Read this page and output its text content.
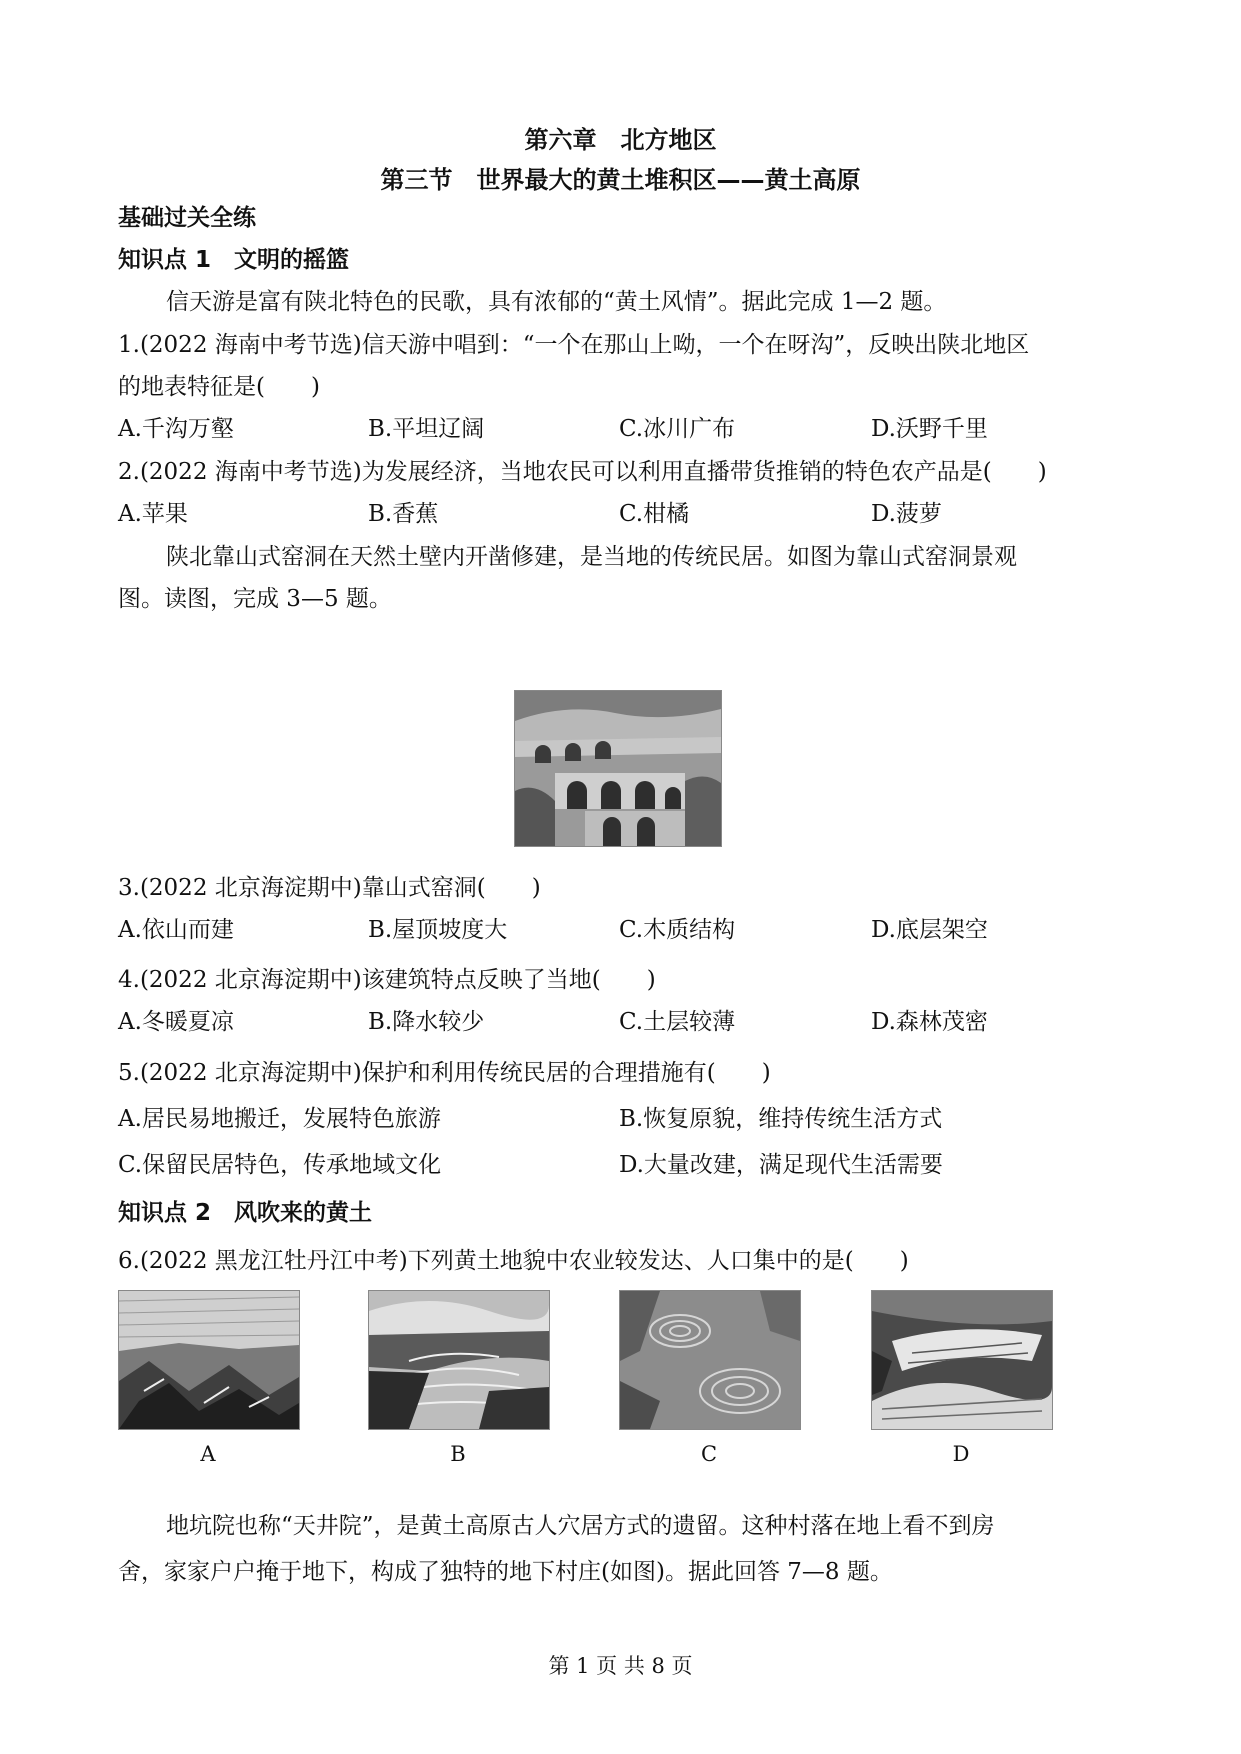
第六章　北方地区
第三节　世界最大的黄土堆积区——黄土高原
基础过关全练
知识点 1　文明的摇篮
信天游是富有陕北特色的民歌，具有浓郁的“黄土风情”。据此完成 1—2 题。
1.(2022 海南中考节选)信天游中唱到：“一个在那山上呦，一个在呀沟”，反映出陕北地区
的地表特征是(　　)
A.千沟万壑	B.平坦辽阔	C.冰川广布	D.沃野千里
2.(2022 海南中考节选)为发展经济，当地农民可以利用直播带货推销的特色农产品是(　　)
A.苹果	B.香蕉	C.柑橘	D.菠萝
陕北靠山式窑洞在天然土壁内开凿修建，是当地的传统民居。如图为靠山式窑洞景观
图。读图，完成 3—5 题。
3.(2022 北京海淀期中)靠山式窑洞(　　)
A.依山而建	B.屋顶坡度大	C.木质结构	D.底层架空
4.(2022 北京海淀期中)该建筑特点反映了当地(　　)
A.冬暖夏凉	B.降水较少	C.土层较薄	D.森林茂密
5.(2022 北京海淀期中)保护和利用传统民居的合理措施有(　　)
A.居民易地搬迁，发展特色旅游	B.恢复原貌，维持传统生活方式
C.保留民居特色，传承地域文化	D.大量改建，满足现代生活需要
知识点 2　风吹来的黄土
6.(2022 黑龙江牡丹江中考)下列黄土地貌中农业较发达、人口集中的是(　　)
A	B	C	D
地坑院也称“天井院”，是黄土高原古人穴居方式的遗留。这种村落在地上看不到房
舍，家家户户掩于地下，构成了独特的地下村庄(如图)。据此回答 7—8 题。
第 1 页 共 8 页
